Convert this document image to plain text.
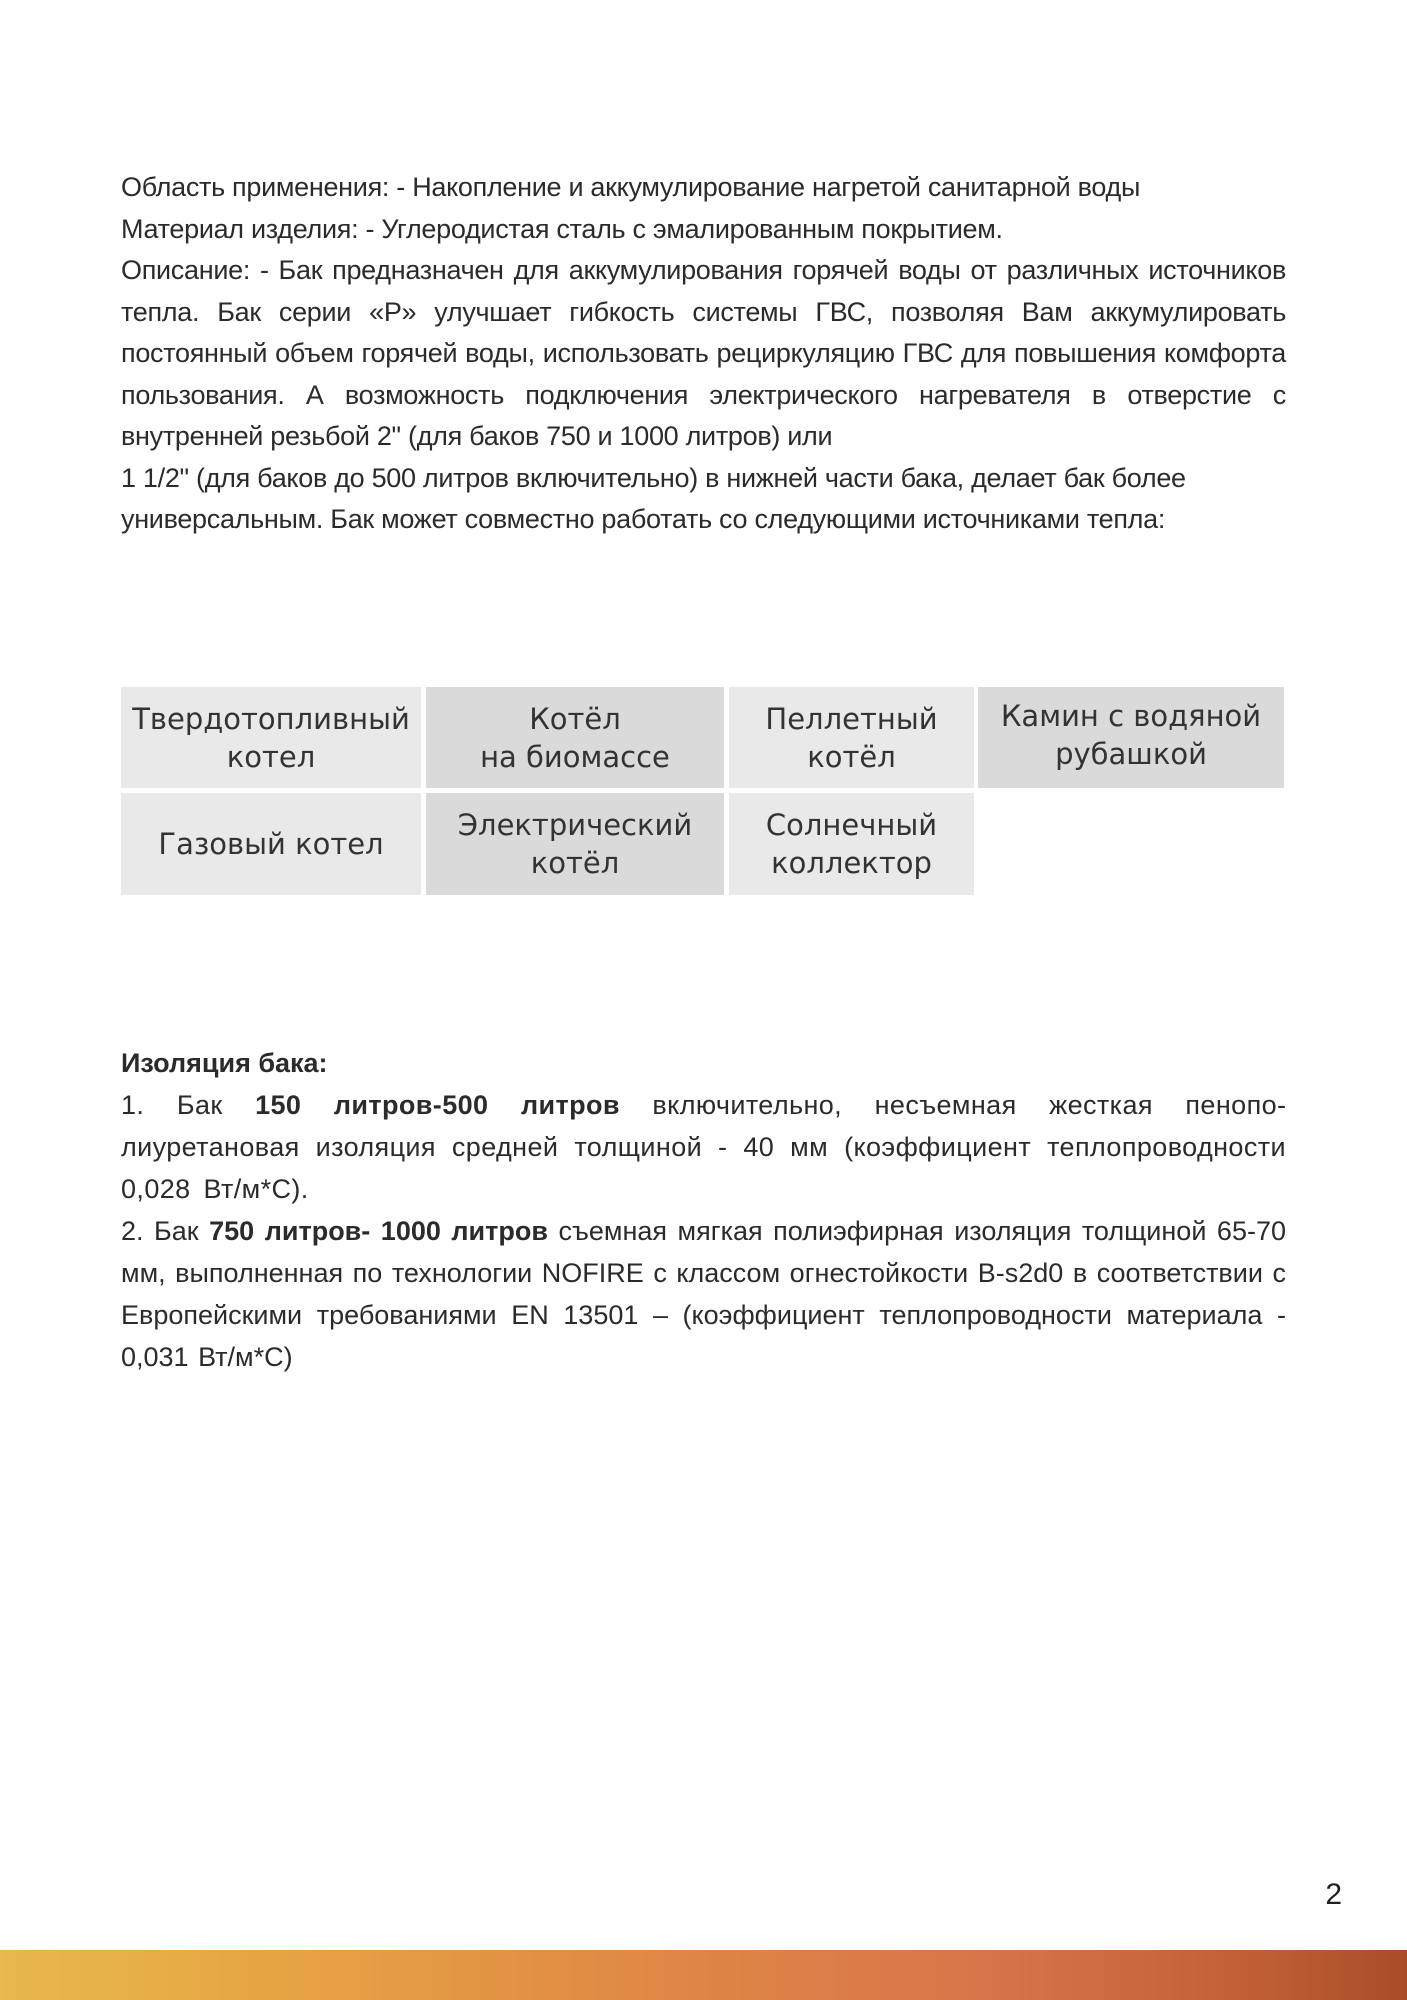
Область применения: - Накопление и аккумулирование нагретой санитарной воды
Материал изделия: - Углеродистая сталь с эмалированным покрытием.
Описание: - Бак предназначен для аккумулирования горячей воды от различных источников тепла. Бак серии «P» улучшает гибкость системы ГВС, позволяя Вам аккумулировать постоянный объем горячей воды, использовать рециркуляцию ГВС для повышения комфорта пользования. А возможность подключения электрического нагревателя в отверстие с внутренней резьбой 2" (для баков 750 и 1000 литров) или
1 1/2" (для баков до 500 литров включительно) в нижней части бака, делает бак более универсальным. Бак может совместно работать со следующими источниками тепла:
Твердотопливный
котел
Котёл
на биомассе
Пеллетный
котёл
Камин с водяной
рубашкой
Газовый котел
Электрический
котёл
Солнечный
коллектор
Изоляция бака:
1. Бак 150 литров-500 литров включительно, несъемная жесткая пенополиуретановая изоляция средней толщиной - 40 мм (коэффициент теплопроводности 0,028 Вт/м*С).
2. Бак 750 литров- 1000 литров съемная мягкая полиэфирная изоляция толщиной 65-70 мм, выполненная по технологии NOFIRE с классом огнестойкости B-s2d0 в соответствии с Европейскими требованиями EN 13501 – (коэффициент теплопроводности материала - 0,031 Вт/м*С)
2
